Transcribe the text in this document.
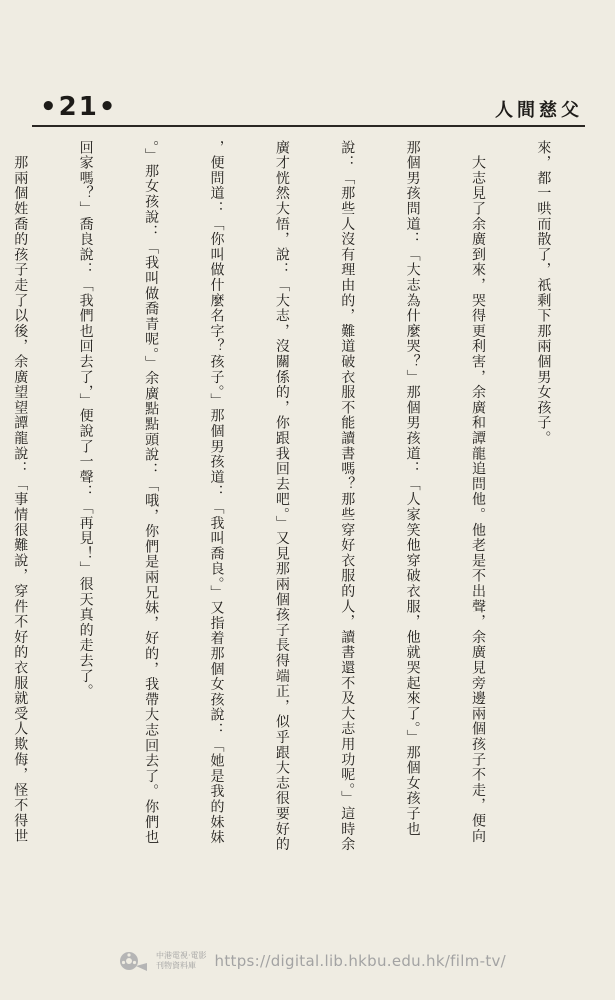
•21•	人間慈父

來，都一哄而散了，祇剩下那兩個男女孩子。

　大志見了余廣到來，哭得更利害，余廣和譚龍追問他。他老是不出聲，余廣見旁邊兩個孩子不走，便向

那個男孩問道：「大志為什麼哭？」那個男孩道：「人家笑他穿破衣服，他就哭起來了。」那個女孩子也

說：「那些人沒有理由的，難道破衣服不能讀書嗎？那些穿好衣服的人，讀書還不及大志用功呢。」這時余

廣才恍然大悟，說：「大志，沒關係的，你跟我回去吧。」又見那兩個孩子長得端正，似乎跟大志很要好的

，便問道：「你叫做什麼名字？孩子。」那個男孩道：「我叫喬良。」又指着那個女孩說：「她是我的妹妹

。」那女孩說：「我叫做喬青呢。」余廣點點頭說：「哦，你們是兩兄妹，好的，我帶大志回去了。你們也

回家嗎？」喬良說：「我們也回去了，」便說了一聲：「再見！」很天真的走去了。

　那兩個姓喬的孩子走了以後，余廣望望譚龍說：「事情很難說，穿件不好的衣服就受人欺侮，怪不得世

中港電視·電影
刊物資料庫	https://digital.lib.hkbu.edu.hk/film-tv/
